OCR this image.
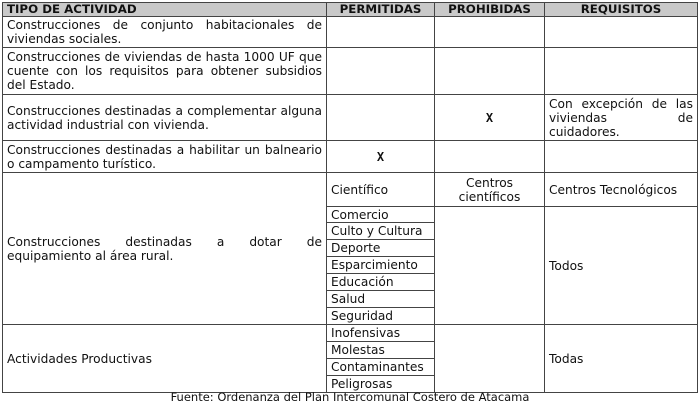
TIPO DE ACTIVIDAD	PERMITIDAS	PROHIBIDAS	REQUISITOS
Construcciones de conjunto habitacionales de viviendas sociales.			
Construcciones de viviendas de hasta 1000 UF que cuente con los requisitos para obtener subsidios del Estado.			
Construcciones destinadas a complementar alguna actividad industrial con vivienda.		X	Con excepción de las viviendas de cuidadores.
Construcciones destinadas a habilitar un balneario o campamento turístico.	X		
Construcciones destinadas a dotar de equipamiento al área rural.	Científico	Centros científicos	Centros Tecnológicos
	Comercio		Todos
	Culto y Cultura		
	Deporte		
	Esparcimiento		
	Educación		
	Salud		
	Seguridad		
Actividades Productivas	Inofensivas		Todas
	Molestas		
	Contaminantes		
	Peligrosas		
Fuente: Ordenanza del Plan Intercomunal Costero de Atacama
